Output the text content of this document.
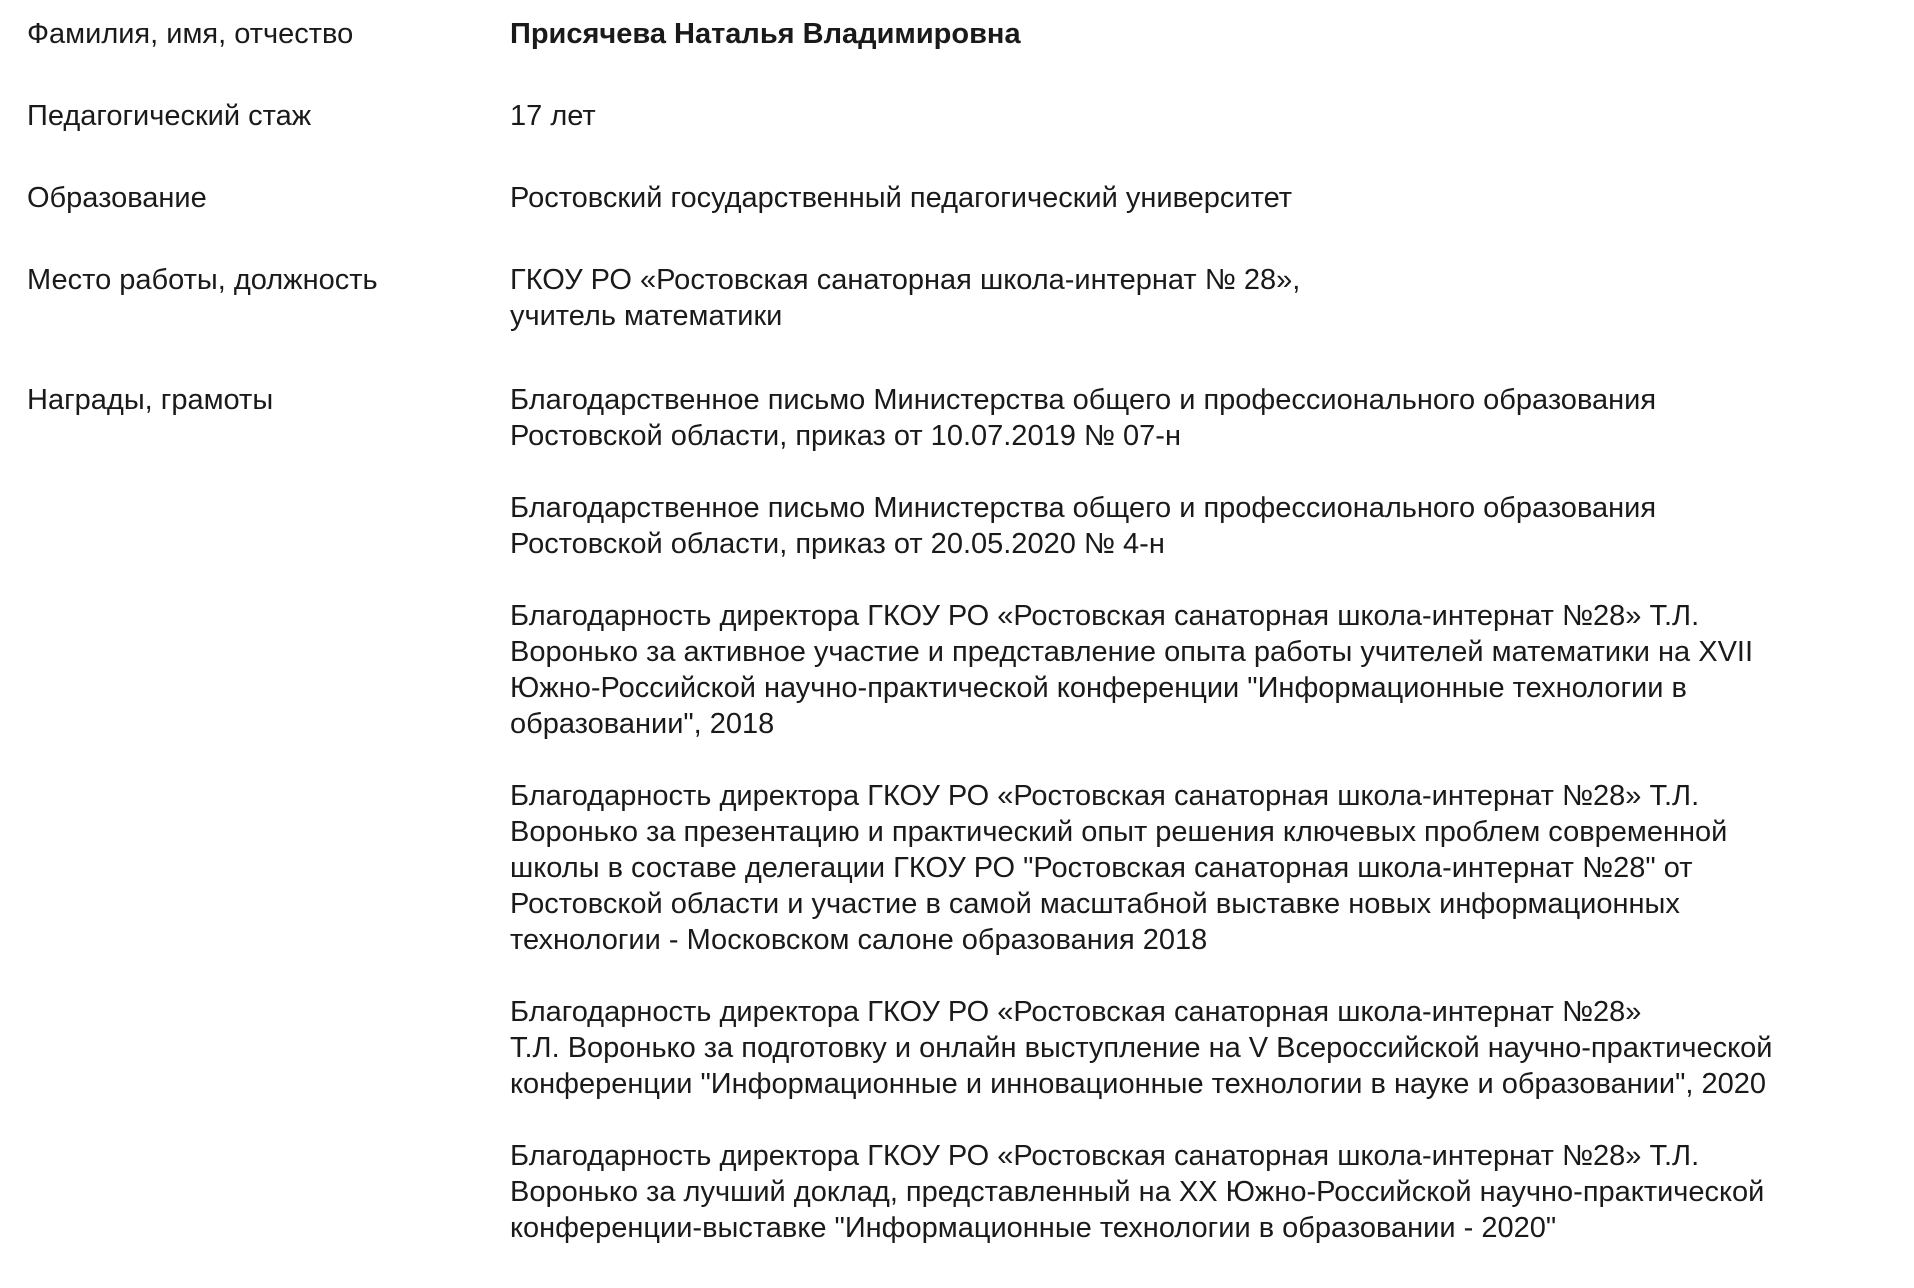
Фамилия, имя, отчество	Присячева Наталья Владимировна
Педагогический стаж	17 лет
Образование	Ростовский государственный педагогический университет
Место работы, должность	ГКОУ РО «Ростовская санаторная школа-интернат № 28»,

учитель математики

Награды, грамоты	Благодарственное письмо Министерства общего и профессионального образования

Ростовской области, приказ от 10.07.2019 № 07-н

Благодарственное письмо Министерства общего и профессионального образования

Ростовской области, приказ от 20.05.2020 № 4-н

Благодарность директора ГКОУ РО «Ростовская санаторная школа-интернат №28» Т.Л.

Воронько за активное участие и представление опыта работы учителей математики на XVII

Южно-Российской научно-практической конференции "Информационные технологии в

образовании", 2018

Благодарность директора ГКОУ РО «Ростовская санаторная школа-интернат №28» Т.Л.

Воронько за презентацию и практический опыт решения ключевых проблем современной

школы в составе делегации ГКОУ РО "Ростовская санаторная школа-интернат №28" от

Ростовской области и участие в самой масштабной выставке новых информационных

технологии - Московском салоне образования 2018

Благодарность директора ГКОУ РО «Ростовская санаторная школа-интернат №28»

Т.Л. Воронько за подготовку и онлайн выступление на V Всероссийской научно-практической

конференции "Информационные и инновационные технологии в науке и образовании", 2020

Благодарность директора ГКОУ РО «Ростовская санаторная школа-интернат №28» Т.Л.

Воронько за лучший доклад, представленный на XX Южно-Российской научно-практической

конференции-выставке "Информационные технологии в образовании - 2020"
